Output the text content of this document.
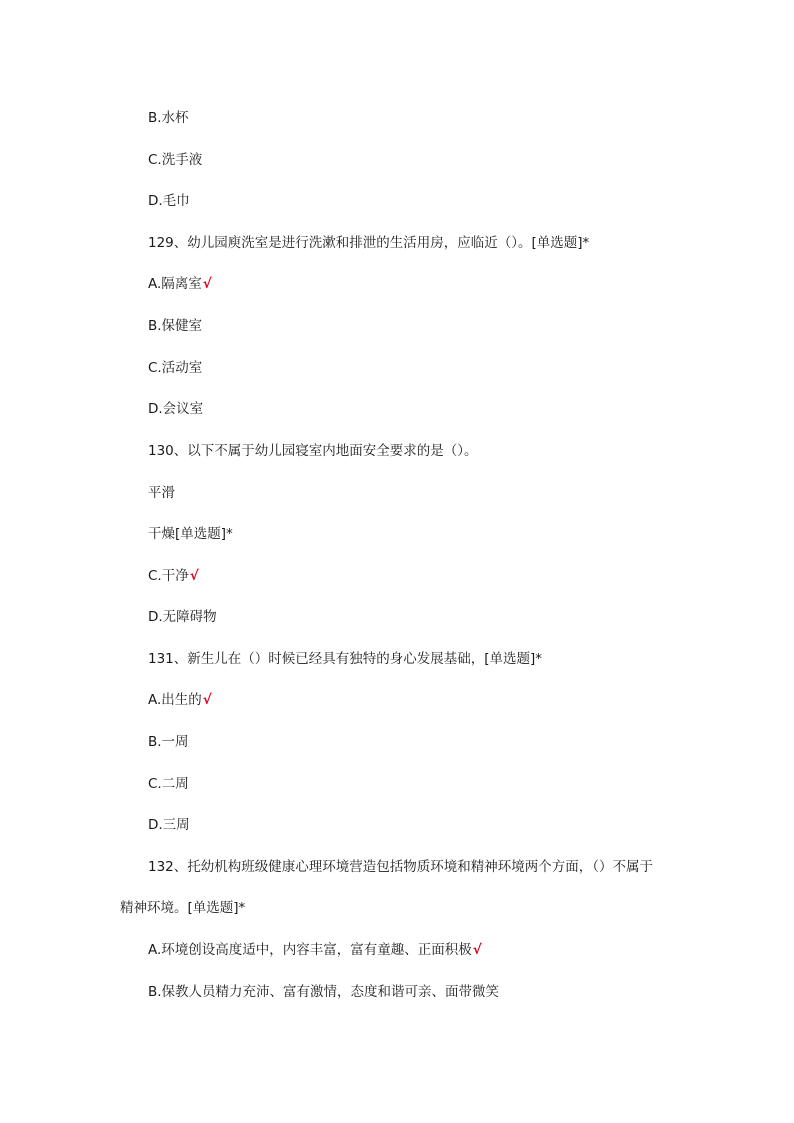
B.水杯
C.洗手液
D.毛巾
129、幼儿园庾洗室是进行洗漱和排泄的生活用房，应临近（）。[单选题]*
A.隔离室√
B.保健室
C.活动室
D.会议室
130、以下不属于幼儿园寝室内地面安全要求的是（）。
平滑
干燥[单选题]*
C.干净√
D.无障碍物
131、新生儿在（）时候已经具有独特的身心发展基础，[单选题]*
A.出生的√
B.一周
C.二周
D.三周
132、托幼机构班级健康心理环境营造包括物质环境和精神环境两个方面，（）不属于
精神环境。[单选题]*
A.环境创设高度适中，内容丰富，富有童趣、正面积极√
B.保教人员精力充沛、富有激情，态度和谐可亲、面带微笑
